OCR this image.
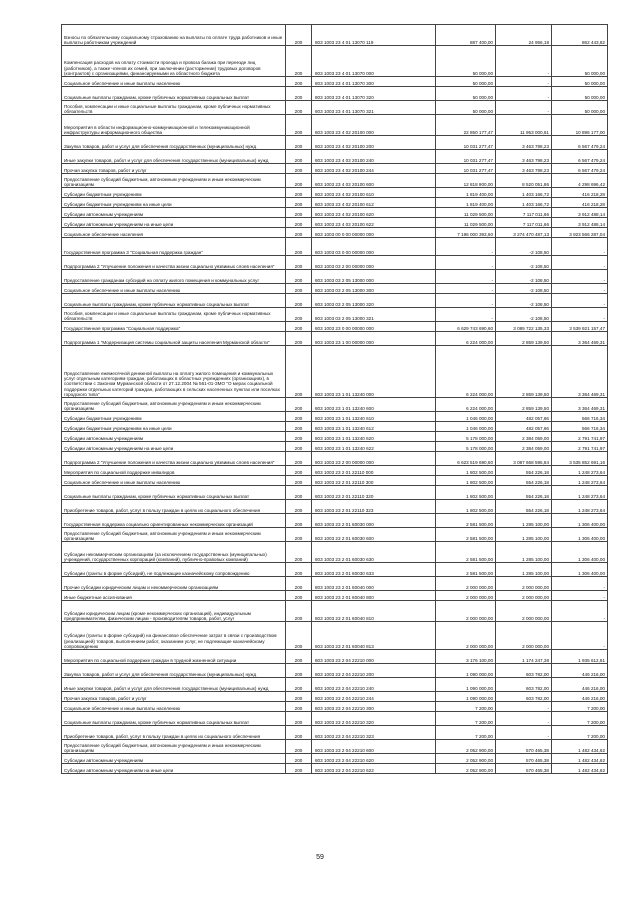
Взносы по обязательному социальному страхованию на выплаты по оплате труда работников и иные выплаты работникам учреждений	200	803 1003 23 4 01 13070 119	887 400,00	24 956,18	862 443,82
Компенсация расходов на оплату стоимости проезда и провоза багажа при переезде лиц (работников), а также членов их семей, при заключении (расторжении) трудовых договоров (контрактов) с организациями, финансируемыми из областного бюджета	200	803 1003 23 4 01 13070 000	50 000,00	-	50 000,00
Социальное обеспечение и иные выплаты населению	200	803 1003 23 4 01 13070 300	50 000,00	-	50 000,00
Социальные выплаты гражданам, кроме публичных нормативных социальных выплат	200	803 1003 23 4 01 13070 320	50 000,00	-	50 000,00
Пособия, компенсации и иные социальные выплаты гражданам, кроме публичных нормативных обязательств	200	803 1003 23 4 01 13070 321	50 000,00	-	50 000,00
Мероприятия в области информационно-коммуникационной и телекоммуникационной инфраструктуры информационного общества	200	803 1003 23 4 02 20100 000	22 850 177,47	11 953 000,61	10 896 177,00
Закупка товаров, работ и услуг для обеспечения государственных (муниципальных) нужд	200	803 1003 23 4 02 20100 200	10 031 277,47	3 463 798,23	6 567 479,24
Иные закупки товаров, работ и услуг для обеспечения государственных (муниципальных) нужд	200	803 1003 23 4 02 20100 240	10 031 277,47	3 463 798,23	6 567 479,24
Прочая закупка товаров, работ и услуг	200	803 1003 23 4 02 20100 244	10 031 277,47	3 463 798,23	6 567 479,24
Предоставление субсидий бюджетным, автономным учреждениям и иным некоммерческим организациям	200	803 1003 23 4 02 20100 600	12 818 900,00	8 520 051,86	4 298 696,42
Субсидии бюджетным учреждениям	200	803 1003 23 4 02 20100 610	1 819 400,00	1 403 166,72	416 218,28
Субсидии бюджетным учреждениям на иные цели	200	803 1003 23 4 02 20100 612	1 819 400,00	1 403 166,72	416 218,28
Субсидии автономным учреждениям	200	803 1003 23 4 02 20100 620	11 029 500,00	7 117 011,66	3 912 488,14
Субсидии автономным учреждениям на иные цели	200	803 1003 23 4 02 20100 622	11 029 500,00	7 117 011,66	3 912 488,14
Социальное обеспечение населения	200	803 1003 00 0 00 00000 000	7 196 000 393,60	3 274 470 487,13	3 923 566 287,04
Государственная программа 3 "Социальная поддержка граждан"	200	803 1003 03 0 00 00000 000	-	-2 108,50	-
Подпрограмма 2 "Улучшение положения и качества жизни социально уязвимых слоев населения"	200	803 1003 03 2 00 00000 000	-	-2 108,50	-
Предоставление гражданам субсидий на оплату жилого помещения и коммунальных услуг	200	803 1003 03 2 05 13000 000	-	-2 108,50	-
Социальное обеспечение и иные выплаты населению	200	803 1003 03 2 05 13000 300	-	-2 108,50	-
Социальные выплаты гражданам, кроме публичных нормативных социальных выплат	200	803 1003 03 2 05 13000 320	-	-2 108,50	-
Пособия, компенсации и иные социальные выплаты гражданам, кроме публичных нормативных обязательств	200	803 1003 03 2 05 13000 321	-	-2 108,50	-
Государственная программа "Социальная поддержка"	200	803 1003 23 0 00 00000 000	6 629 743 690,60	3 089 722 135,33	3 539 921 157,47
Подпрограмма 1 "Модернизация системы социальной защиты населения Мурманской области"	200	803 1003 23 1 00 00000 000	6 224 000,00	2 859 139,50	3 364 469,31
Предоставление ежемесячной денежной выплаты на оплату жилого помещения и коммунальных услуг отдельным категориям граждан, работающих в областных учреждениях (организациях), в соответствии с Законом Мурманской области от 27.12.2004 № 561-01-ЗМО "О мерах социальной поддержки отдельных категорий граждан, работающих в сельских населенных пунктах или поселках городского типа"	200	803 1003 23 1 01 13240 000	6 224 000,00	2 859 139,50	3 364 469,31
Предоставление субсидий бюджетным, автономным учреждениям и иным некоммерческим организациям	200	803 1003 23 1 01 13240 600	6 224 000,00	2 859 139,50	3 364 469,31
Субсидии бюджетным учреждениям	200	803 1003 23 1 01 13240 610	1 046 000,00	482 057,66	566 716,34
Субсидии бюджетным учреждениям на иные цели	200	803 1003 23 1 01 13240 612	1 046 000,00	482 057,66	566 716,34
Субсидии автономным учреждениям	200	803 1003 23 1 01 13240 620	5 178 000,00	2 384 059,00	2 791 741,97
Субсидии автономным учреждениям на иные цели	200	803 1003 23 1 01 13240 622	5 178 000,00	2 384 059,00	2 791 741,97
Подпрограмма 2 "Улучшение положения и качества жизни социально уязвимых слоев населения"	200	803 1003 23 2 00 00000 000	6 623 519 690,60	3 087 668 595,84	3 535 852 691,16
Мероприятия по социальной поддержке инвалидов	200	803 1003 23 2 01 22110 000	1 802 500,00	554 226,18	1 248 273,64
Социальное обеспечение и иные выплаты населению	200	803 1003 23 2 01 22110 300	1 802 500,00	554 226,18	1 248 273,64
Социальные выплаты гражданам, кроме публичных нормативных социальных выплат	200	803 1003 23 2 01 22110 320	1 802 500,00	554 226,18	1 248 273,64
Приобретение товаров, работ, услуг в пользу граждан в целях их социального обеспечения	200	803 1003 23 2 01 22110 323	1 802 500,00	554 226,18	1 248 273,64
Государственная поддержка социально ориентированных некоммерческих организаций	200	803 1003 23 2 01 60030 000	2 581 500,00	1 285 100,00	1 306 400,00
Предоставление субсидий бюджетным, автономным учреждениям и иным некоммерческим организациям	200	803 1003 23 2 01 60030 600	2 581 500,00	1 285 100,00	1 306 400,00
Субсидии некоммерческим организациям (за исключением государственных (муниципальных) учреждений, государственных корпораций (компаний), публично-правовых компаний)	200	803 1003 23 2 01 60030 630	2 581 500,00	1 285 100,00	1 306 400,00
Субсидии (гранты в форме субсидий), не подлежащие казначейскому сопровождению	200	803 1003 23 2 01 60030 633	2 581 500,00	1 285 100,00	1 306 400,00
Прочие субсидии юридическим лицам и некоммерческим организациям	200	803 1003 23 2 01 60040 000	2 000 000,00	2 000 000,00	-
Иные бюджетные ассигнования	200	803 1003 23 2 01 60040 800	2 000 000,00	2 000 000,00	-
Субсидии юридическим лицам (кроме некоммерческих организаций), индивидуальным предпринимателям, физическим лицам - производителям товаров, работ, услуг	200	803 1003 23 2 01 60040 810	2 000 000,00	2 000 000,00	-
Субсидии (гранты в форме субсидий) на финансовое обеспечение затрат в связи с производством (реализацией) товаров, выполнением работ, оказанием услуг, не подлежащие казначейскому сопровождению	200	803 1003 23 2 01 60040 813	2 000 000,00	2 000 000,00	-
Мероприятия по социальной поддержке граждан в трудной жизненной ситуации	200	803 1003 23 2 04 22210 000	3 176 100,00	1 174 247,38	1 935 612,61
Закупка товаров, работ и услуг для обеспечения государственных (муниципальных) нужд	200	803 1003 23 2 04 22210 200	1 090 000,00	603 782,00	446 216,00
Иные закупки товаров, работ и услуг для обеспечения государственных (муниципальных) нужд	200	803 1003 23 2 04 22210 240	1 090 000,00	603 782,00	446 216,00
Прочая закупка товаров, работ и услуг	200	803 1003 23 2 04 22210 244	1 090 000,00	603 782,00	446 216,00
Социальное обеспечение и иные выплаты населению	200	803 1003 23 2 04 22210 300	7 200,00	-	7 200,00
Социальные выплаты гражданам, кроме публичных нормативных социальных выплат	200	803 1003 23 2 04 22210 320	7 200,00	-	7 200,00
Приобретение товаров, работ, услуг в пользу граждан в целях их социального обеспечения	200	803 1003 23 2 04 22210 323	7 200,00	-	7 200,00
Предоставление субсидий бюджетным, автономным учреждениям и иным некоммерческим организациям	200	803 1003 23 2 04 22210 600	2 052 900,00	570 465,38	1 482 434,62
Субсидии автономным учреждениям	200	803 1003 23 2 04 22210 620	2 052 900,00	570 465,38	1 482 434,62
Субсидии автономным учреждениям на иные цели	200	803 1003 23 2 04 22210 622	2 052 900,00	570 465,38	1 482 434,62
59
